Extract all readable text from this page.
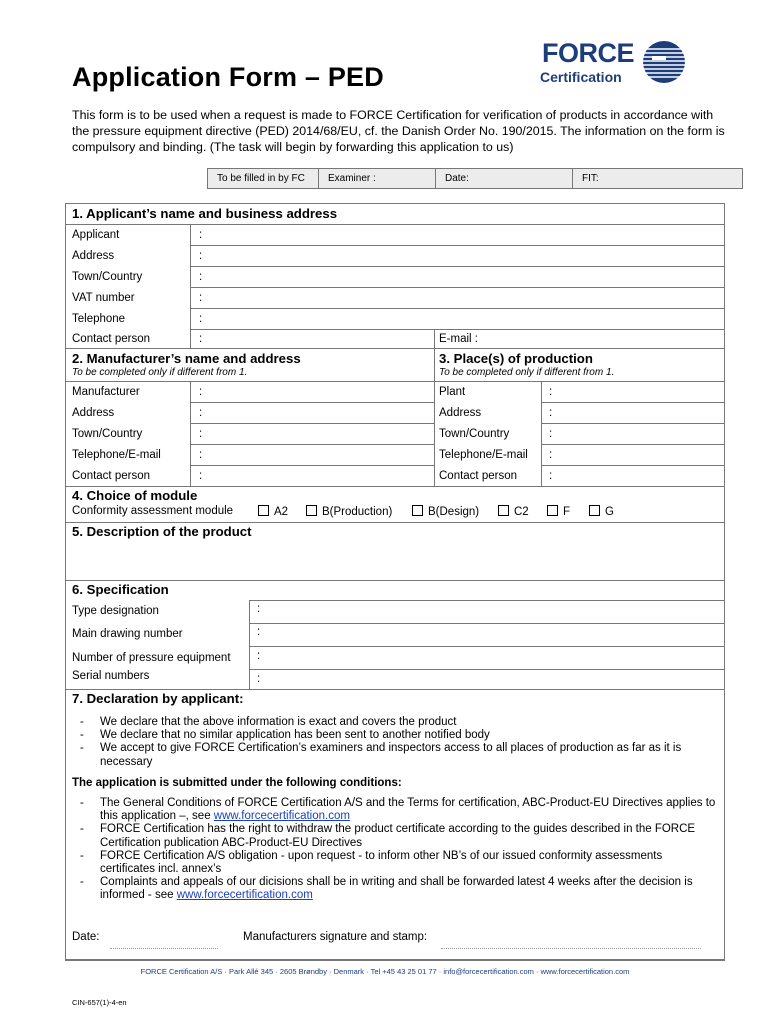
Application Form – PED
FORCE
Certification
This form is to be used when a request is made to FORCE Certification for verification of products in accordance with the pressure equipment directive (PED) 2014/68/EU, cf. the Danish Order No. 190/2015. The information on the form is compulsory and binding. (The task will begin by forwarding this application to us)
To be filled in by FC	Examiner :	Date:	FIT:
1. Applicant’s name and business address
Applicant	:
Address	:
Town/Country	:
VAT number	:
Telephone	:
Contact person	:	E-mail :
2. Manufacturer’s name and address
To be completed only if different from 1.
Manufacturer	:
Address	:
Town/Country	:
Telephone/E-mail	:
Contact person	:
3. Place(s) of production
To be completed only if different from 1.
Plant	:
Address	:
Town/Country	:
Telephone/E-mail :
Contact person	:
4. Choice of module
Conformity assessment module	A2	B(Production)	B(Design)	C2	F	G
5. Description of the product
6. Specification
Type designation	:
Main drawing number	:
Number of pressure equipment :
Serial numbers	:
7. Declaration by applicant:
-	We declare that the above information is exact and covers the product
-	We declare that no similar application has been sent to another notified body
-	We accept to give FORCE Certification’s examiners and inspectors access to all places of production as far as it is necessary
The application is submitted under the following conditions:
-	The General Conditions of FORCE Certification A/S and the Terms for certification, ABC-Product-EU Directives applies to this application –, see www.forcecertification.com
-	FORCE Certification has the right to withdraw the product certificate according to the guides described in the FORCE Certification publication ABC-Product-EU Directives
-	FORCE Certification A/S obligation - upon request - to inform other NB’s of our issued conformity assessments certificates incl. annex’s
-	Complaints and appeals of our dicisions shall be in writing and shall be forwarded latest 4 weeks after the decision is informed - see www.forcecertification.com
Date:	Manufacturers signature and stamp:
FORCE Certification A/S · Park Allé 345 · 2605 Brøndby · Denmark · Tel +45 43 25 01 77 · info@forcecertification.com · www.forcecertification.com
CIN-657(1)-4-en
